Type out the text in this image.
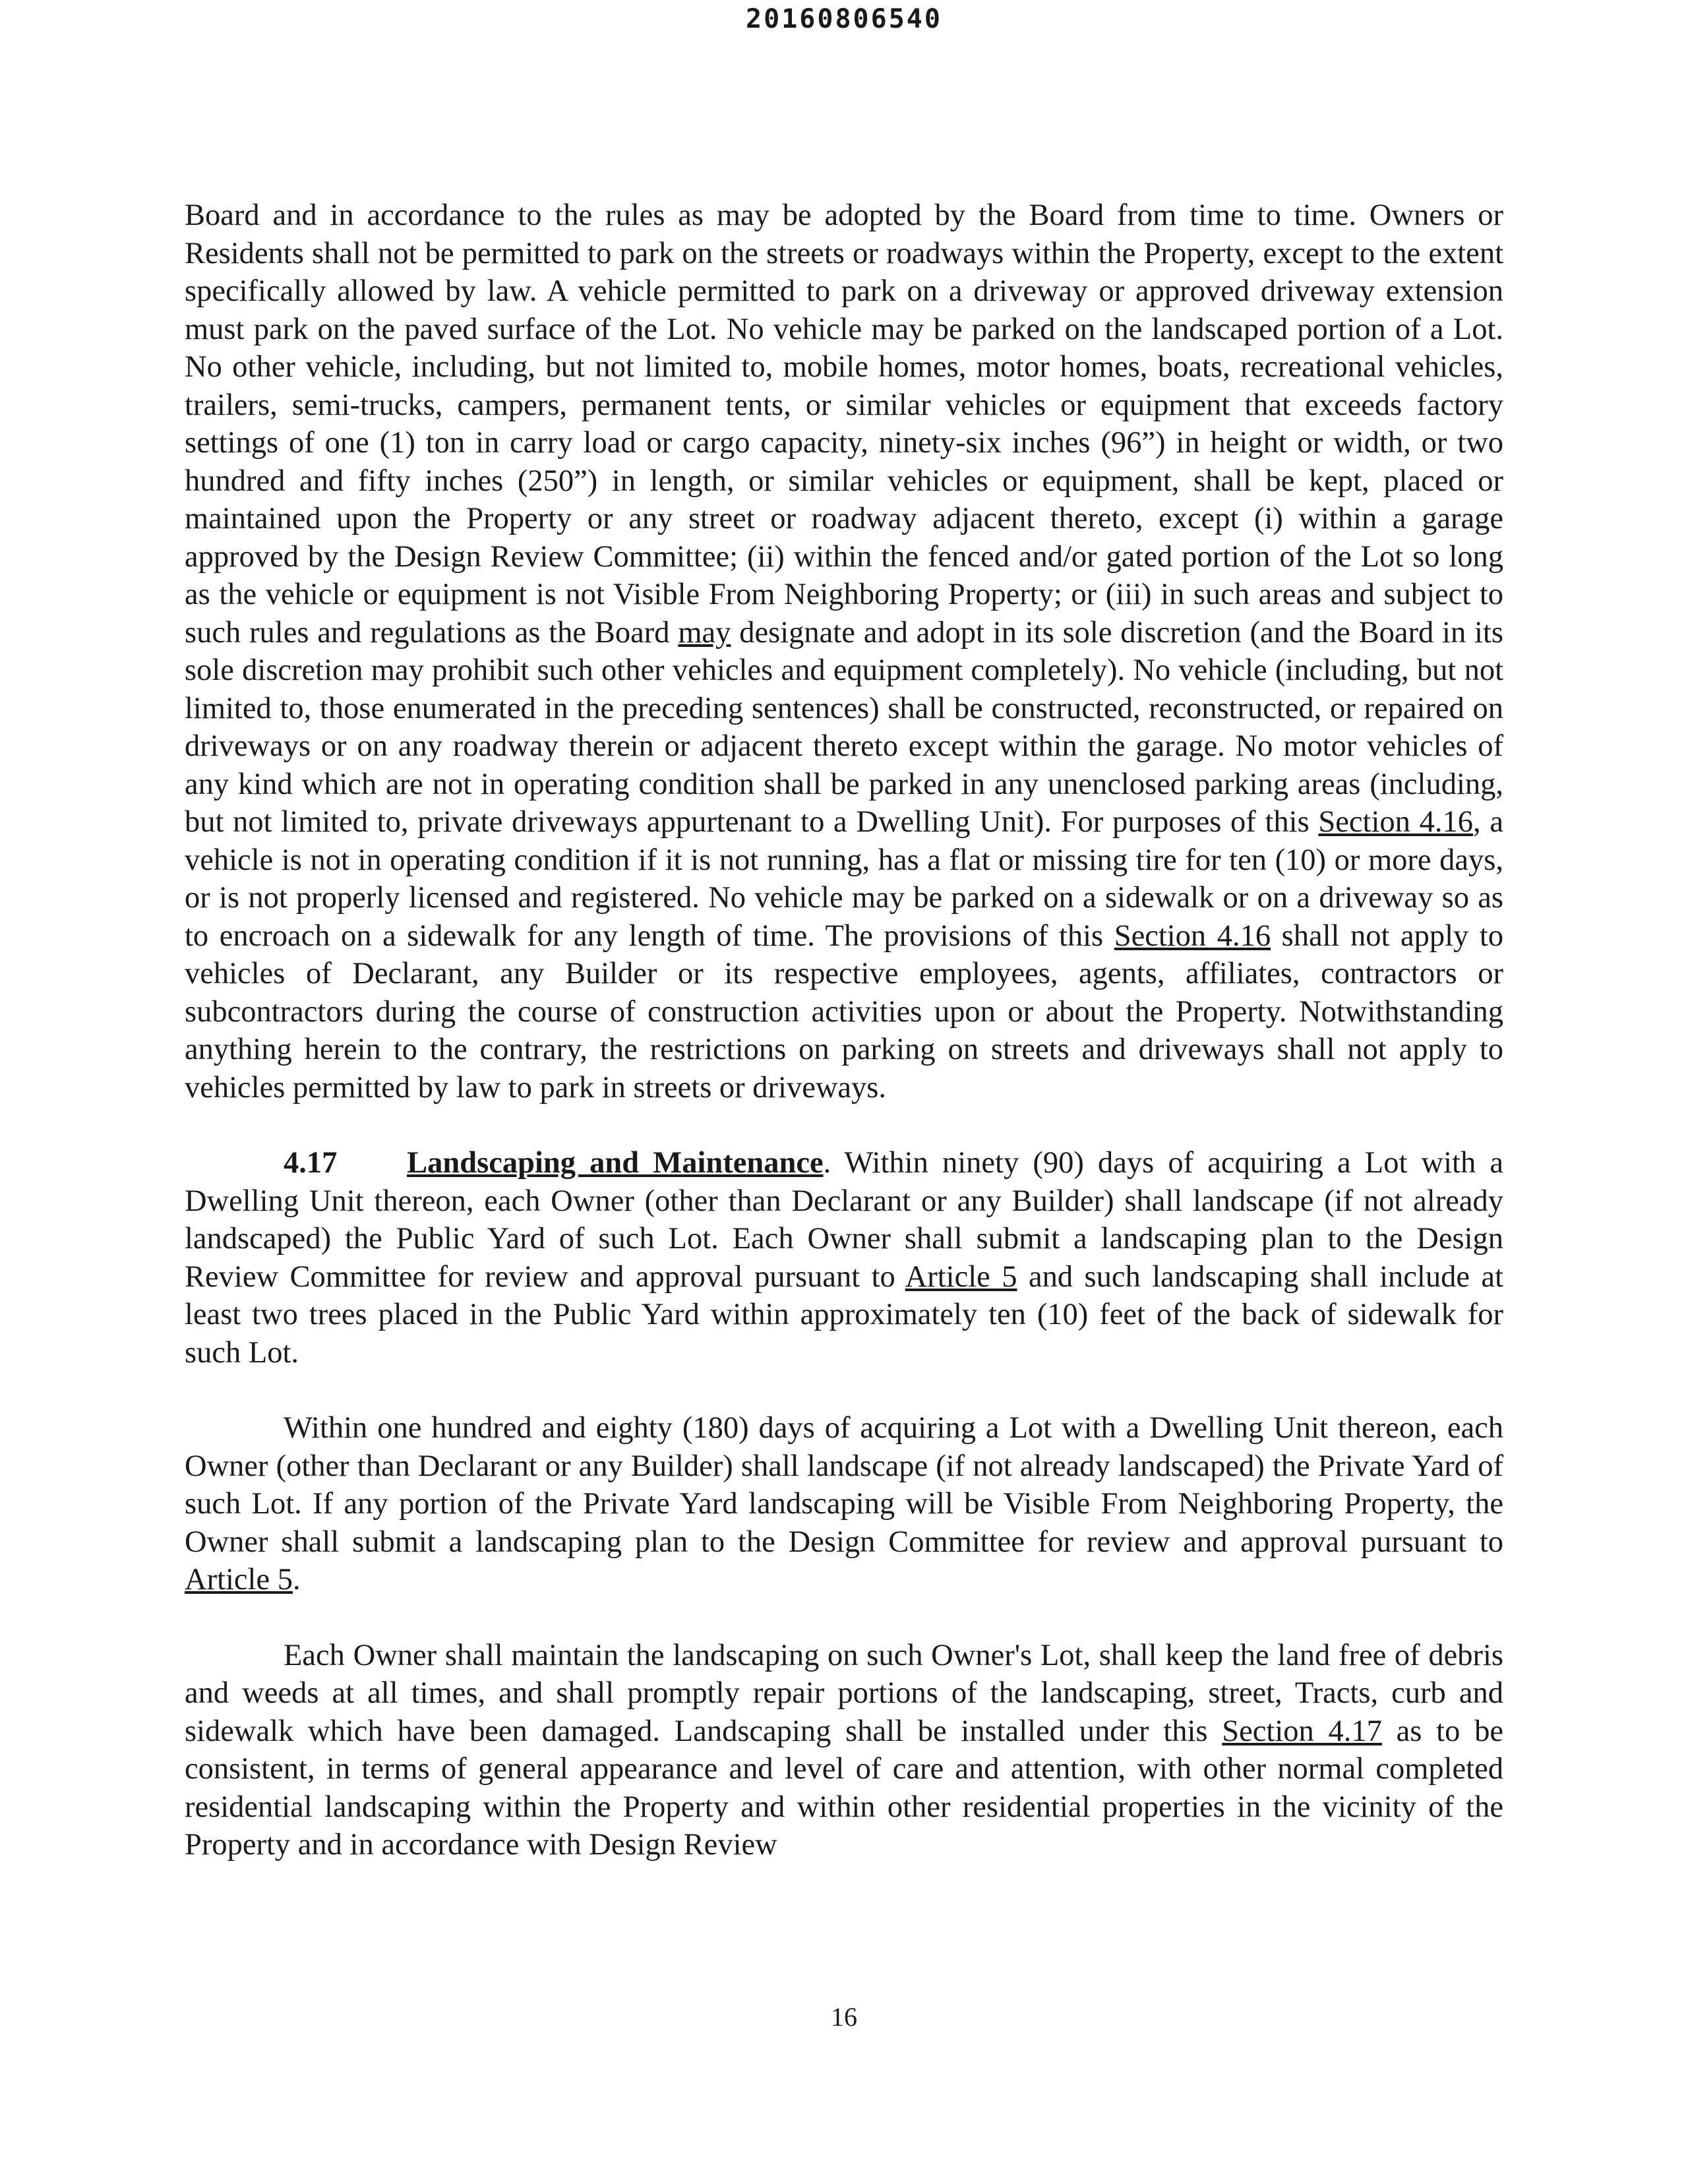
20160806540

Board and in accordance to the rules as may be adopted by the Board from time to time. Owners or Residents shall not be permitted to park on the streets or roadways within the Property, except to the extent specifically allowed by law. A vehicle permitted to park on a driveway or approved driveway extension must park on the paved surface of the Lot. No vehicle may be parked on the landscaped portion of a Lot. No other vehicle, including, but not limited to, mobile homes, motor homes, boats, recreational vehicles, trailers, semi-trucks, campers, permanent tents, or similar vehicles or equipment that exceeds factory settings of one (1) ton in carry load or cargo capacity, ninety-six inches (96”) in height or width, or two hundred and fifty inches (250”) in length, or similar vehicles or equipment, shall be kept, placed or maintained upon the Property or any street or roadway adjacent thereto, except (i) within a garage approved by the Design Review Committee; (ii) within the fenced and/or gated portion of the Lot so long as the vehicle or equipment is not Visible From Neighboring Property; or (iii) in such areas and subject to such rules and regulations as the Board may designate and adopt in its sole discretion (and the Board in its sole discretion may prohibit such other vehicles and equipment completely). No vehicle (including, but not limited to, those enumerated in the preceding sentences) shall be constructed, reconstructed, or repaired on driveways or on any roadway therein or adjacent thereto except within the garage. No motor vehicles of any kind which are not in operating condition shall be parked in any unenclosed parking areas (including, but not limited to, private driveways appurtenant to a Dwelling Unit). For purposes of this Section 4.16, a vehicle is not in operating condition if it is not running, has a flat or missing tire for ten (10) or more days, or is not properly licensed and registered. No vehicle may be parked on a sidewalk or on a driveway so as to encroach on a sidewalk for any length of time. The provisions of this Section 4.16 shall not apply to vehicles of Declarant, any Builder or its respective employees, agents, affiliates, contractors or subcontractors during the course of construction activities upon or about the Property. Notwithstanding anything herein to the contrary, the restrictions on parking on streets and driveways shall not apply to vehicles permitted by law to park in streets or driveways.

4.17 Landscaping and Maintenance. Within ninety (90) days of acquiring a Lot with a Dwelling Unit thereon, each Owner (other than Declarant or any Builder) shall landscape (if not already landscaped) the Public Yard of such Lot. Each Owner shall submit a landscaping plan to the Design Review Committee for review and approval pursuant to Article 5 and such landscaping shall include at least two trees placed in the Public Yard within approximately ten (10) feet of the back of sidewalk for such Lot.

Within one hundred and eighty (180) days of acquiring a Lot with a Dwelling Unit thereon, each Owner (other than Declarant or any Builder) shall landscape (if not already landscaped) the Private Yard of such Lot. If any portion of the Private Yard landscaping will be Visible From Neighboring Property, the Owner shall submit a landscaping plan to the Design Committee for review and approval pursuant to Article 5.

Each Owner shall maintain the landscaping on such Owner's Lot, shall keep the land free of debris and weeds at all times, and shall promptly repair portions of the landscaping, street, Tracts, curb and sidewalk which have been damaged. Landscaping shall be installed under this Section 4.17 as to be consistent, in terms of general appearance and level of care and attention, with other normal completed residential landscaping within the Property and within other residential properties in the vicinity of the Property and in accordance with Design Review

16
